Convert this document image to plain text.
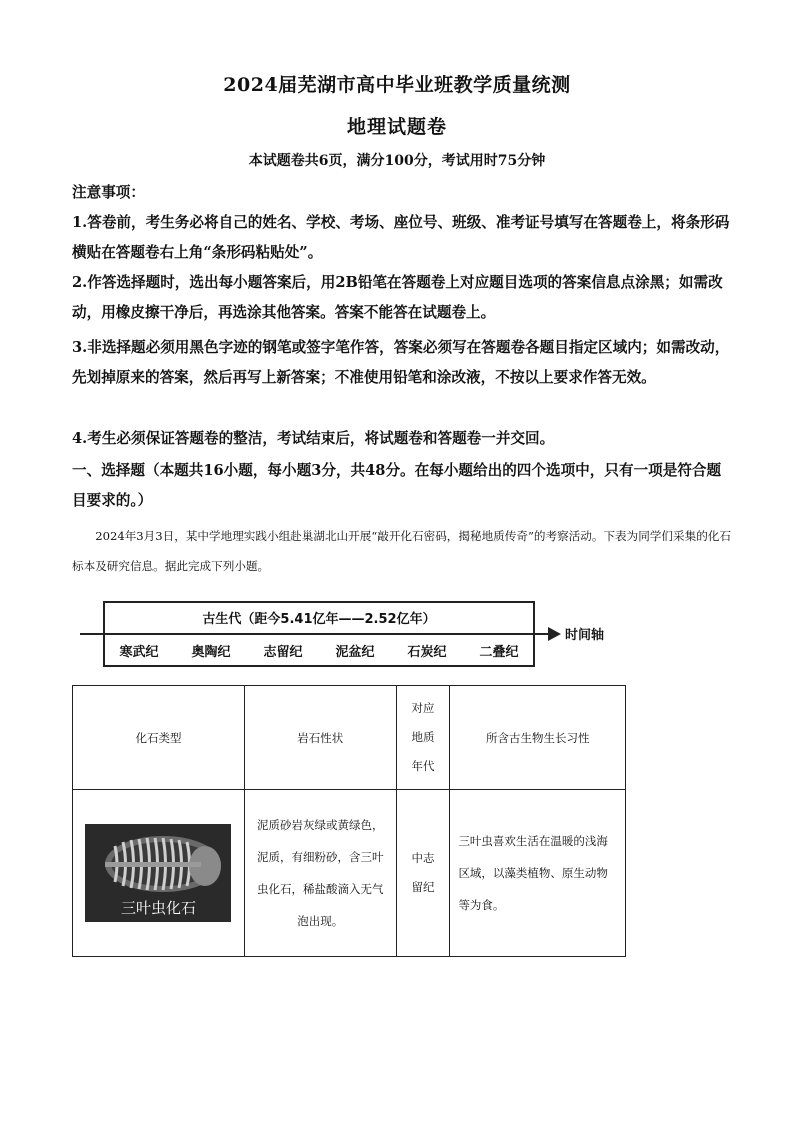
2024届芜湖市高中毕业班教学质量统测
地理试题卷
本试题卷共6页，满分100分，考试用时75分钟
注意事项：
1.答卷前，考生务必将自己的姓名、学校、考场、座位号、班级、准考证号填写在答题卷上，将条形码横贴在答题卷右上角“条形码粘贴处”。
2.作答选择题时，选出每小题答案后，用2B铅笔在答题卷上对应题目选项的答案信息点涂黑；如需改动，用橡皮擦干净后，再选涂其他答案。答案不能答在试题卷上。
3.非选择题必须用黑色字迹的钢笔或签字笔作答，答案必须写在答题卷各题目指定区域内；如需改动，先划掉原来的答案，然后再写上新答案；不准使用铅笔和涂改液，不按以上要求作答无效。
4.考生必须保证答题卷的整洁，考试结束后，将试题卷和答题卷一并交回。
一、选择题（本题共16小题，每小题3分，共48分。在每小题给出的四个选项中，只有一项是符合题目要求的。）
2024年3月3日，某中学地理实践小组赴巢湖北山开展“敲开化石密码，揭秘地质传奇”的考察活动。下表为同学们采集的化石标本及研究信息。据此完成下列小题。
古生代（距今5.41亿年——2.52亿年）
时间轴
寒武纪	奥陶纪	志留纪	泥盆纪	石炭纪	二叠纪
化石类型	岩石性状	对应地质年代	所含古生物生长习性

三叶虫化石	泥质砂岩灰绿或黄绿色，泥质，有细粉砂，含三叶虫化石，稀盐酸滴入无气泡出现。	中志留纪	三叶虫喜欢生活在温暖的浅海区域，以藻类植物、原生动物等为食。
